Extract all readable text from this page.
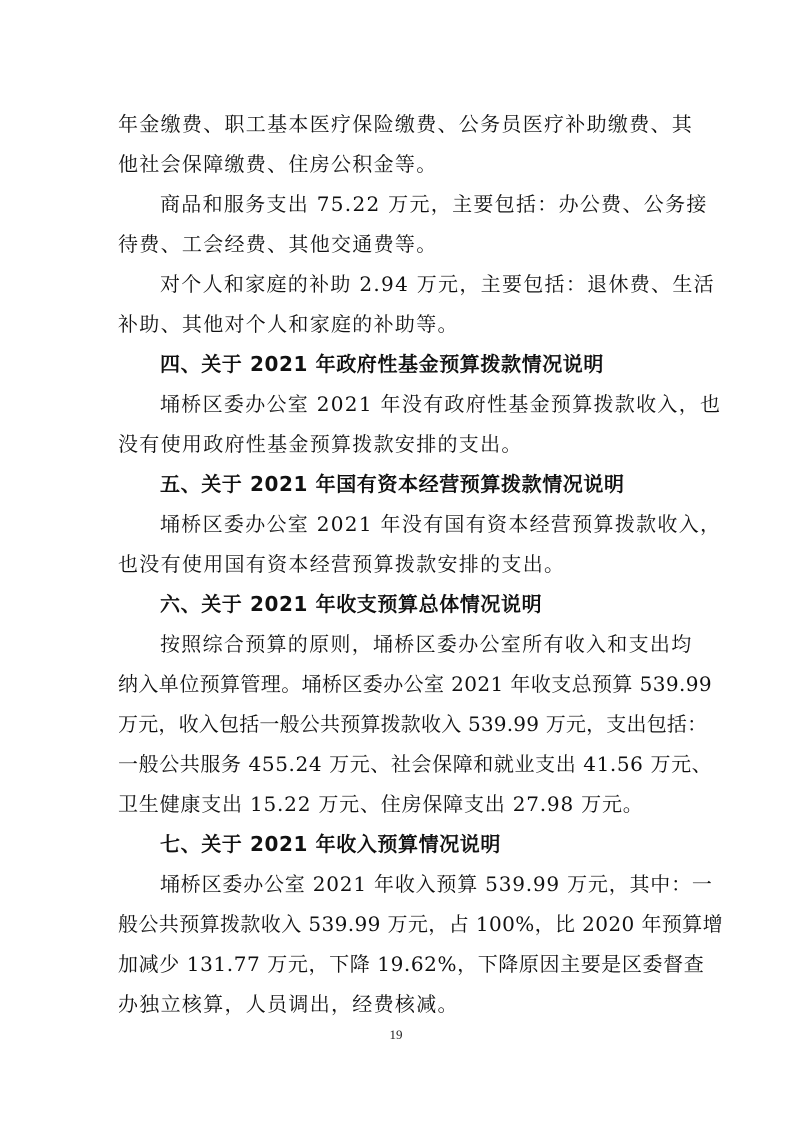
年金缴费、职工基本医疗保险缴费、公务员医疗补助缴费、其
他社会保障缴费、住房公积金等。
商品和服务支出 75.22 万元，主要包括：办公费、公务接
待费、工会经费、其他交通费等。
对个人和家庭的补助 2.94 万元，主要包括：退休费、生活
补助、其他对个人和家庭的补助等。
四、关于 2021 年政府性基金预算拨款情况说明
埇桥区委办公室 2021 年没有政府性基金预算拨款收入，也
没有使用政府性基金预算拨款安排的支出。
五、关于 2021 年国有资本经营预算拨款情况说明
埇桥区委办公室 2021 年没有国有资本经营预算拨款收入，
也没有使用国有资本经营预算拨款安排的支出。
六、关于 2021 年收支预算总体情况说明
按照综合预算的原则，埇桥区委办公室所有收入和支出均
纳入单位预算管理。埇桥区委办公室 2021 年收支总预算 539.99
万元，收入包括一般公共预算拨款收入 539.99 万元，支出包括：
一般公共服务 455.24 万元、社会保障和就业支出 41.56 万元、
卫生健康支出 15.22 万元、住房保障支出 27.98 万元。
七、关于 2021 年收入预算情况说明
埇桥区委办公室 2021 年收入预算 539.99 万元，其中：一
般公共预算拨款收入 539.99 万元，占 100%，比 2020 年预算增
加减少 131.77 万元，下降 19.62%，下降原因主要是区委督查
办独立核算，人员调出，经费核减。
19
